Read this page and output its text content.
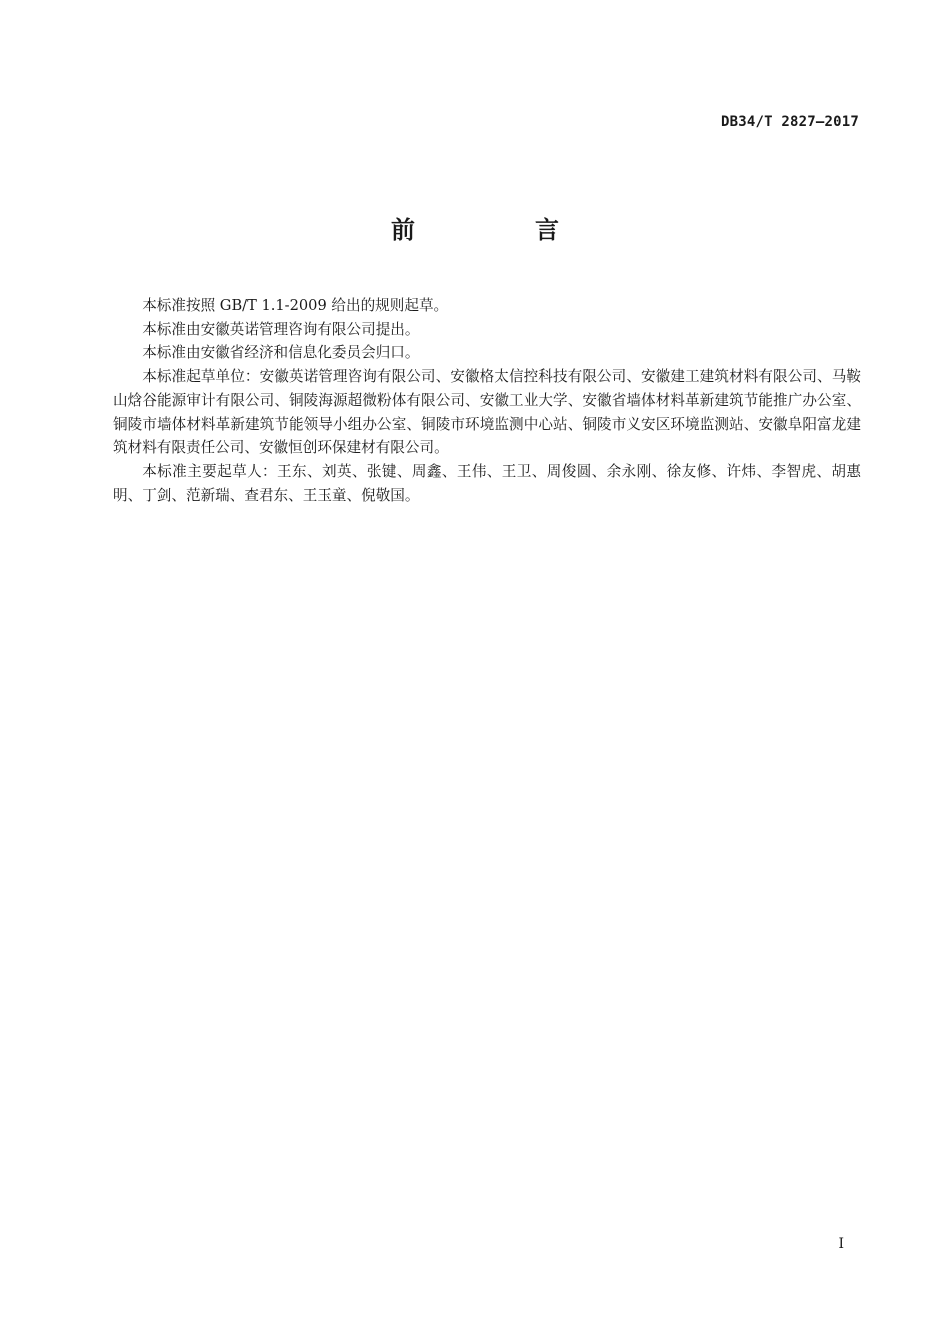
DB34/T 2827—2017
前　言

本标准按照 GB/T 1.1-2009 给出的规则起草。

本标准由安徽英诺管理咨询有限公司提出。

本标准由安徽省经济和信息化委员会归口。

本标准起草单位：安徽英诺管理咨询有限公司、安徽格太信控科技有限公司、安徽建工建筑材料有限公司、马鞍山焓谷能源审计有限公司、铜陵海源超微粉体有限公司、安徽工业大学、安徽省墙体材料革新建筑节能推广办公室、铜陵市墙体材料革新建筑节能领导小组办公室、铜陵市环境监测中心站、铜陵市义安区环境监测站、安徽阜阳富龙建筑材料有限责任公司、安徽恒创环保建材有限公司。

本标准主要起草人：王东、刘英、张键、周鑫、王伟、王卫、周俊圆、余永刚、徐友修、许炜、李智虎、胡惠明、丁剑、范新瑞、查君东、王玉童、倪敬国。

I
